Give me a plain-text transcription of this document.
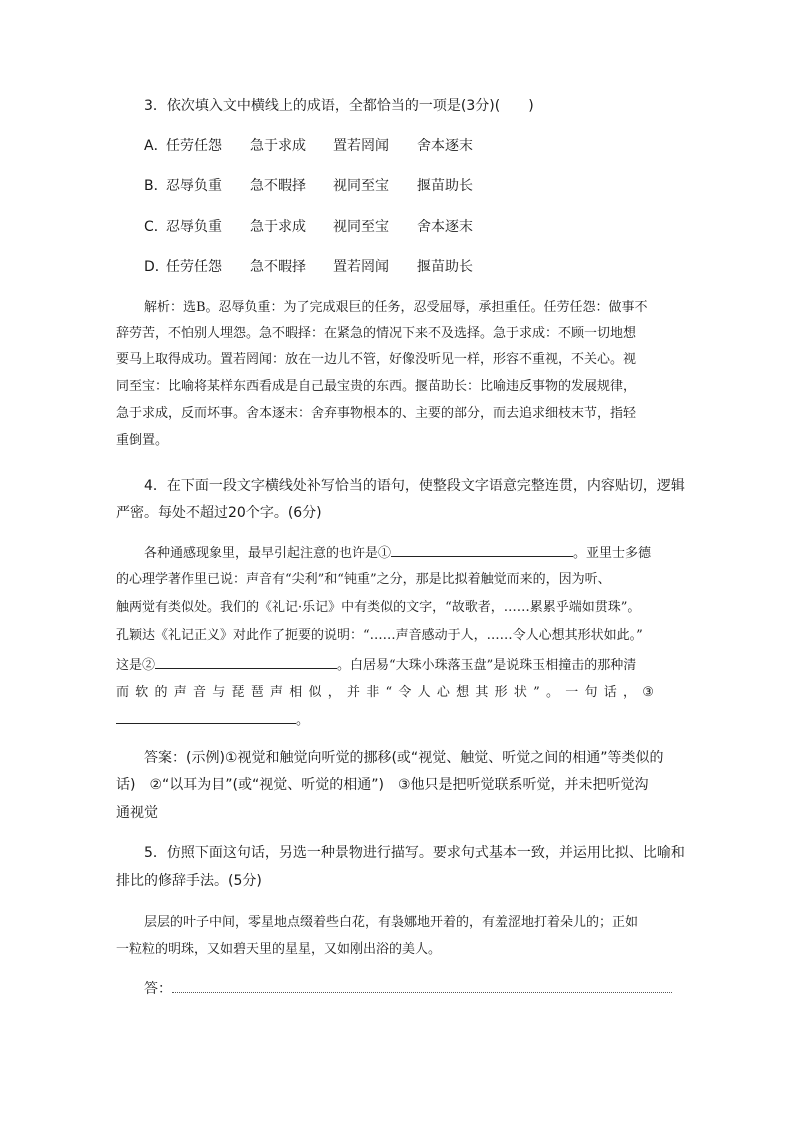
3．依次填入文中横线上的成语，全都恰当的一项是(3分)(　　)
A．
任劳任怨 急于求成 置若罔闻 舍本逐末
B．
忍辱负重 急不暇择 视同至宝 揠苗助长
C．
忍辱负重 急于求成 视同至宝 舍本逐末
D．
任劳任怨 急不暇择 置若罔闻 揠苗助长
解析：选B。忍辱负重：为了完成艰巨的任务，忍受屈辱，承担重任。任劳任怨：做事不
辞劳苦，不怕别人埋怨。急不暇择：在紧急的情况下来不及选择。急于求成：不顾一切地想
要马上取得成功。置若罔闻：放在一边儿不管，好像没听见一样，形容不重视，不关心。视
同至宝：比喻将某样东西看成是自己最宝贵的东西。揠苗助长：比喻违反事物的发展规律，
急于求成，反而坏事。舍本逐末：舍弃事物根本的、主要的部分，而去追求细枝末节，指轻
重倒置。
4．在下面一段文字横线处补写恰当的语句，使整段文字语意完整连贯，内容贴切，逻辑
严密。每处不超过20个字。(6分)
各种通感现象里，最早引起注意的也许是①	。亚里士多德
的心理学著作里已说：声音有“尖利”和“钝重”之分，那是比拟着触觉而来的，因为听、
触两觉有类似处。我们的《礼记·乐记》中有类似的文字，“故歌者，……累累乎端如贯珠”。
孔颖达《礼记正义》对此作了扼要的说明：“……声音感动于人，……令人心想其形状如此。”
这是②	。白居易“大珠小珠落玉盘”是说珠玉相撞击的那种清
而 软 的 声 音 与 琵 琶 声 相 似 ， 并 非 “ 令 人 心 想 其 形 状 ” 。 一 句 话 ， ③
。
答案：(示例)①视觉和触觉向听觉的挪移(或“视觉、触觉、听觉之间的相通”等类似的
话)　②“以耳为目”(或“视觉、听觉的相通”)　③他只是把听觉联系听觉，并未把听觉沟
通视觉
5．仿照下面这句话，另选一种景物进行描写。要求句式基本一致，并运用比拟、比喻和
排比的修辞手法。(5分)
层层的叶子中间，零星地点缀着些白花，有袅娜地开着的，有羞涩地打着朵儿的；正如
一粒粒的明珠，又如碧天里的星星，又如刚出浴的美人。
答：
